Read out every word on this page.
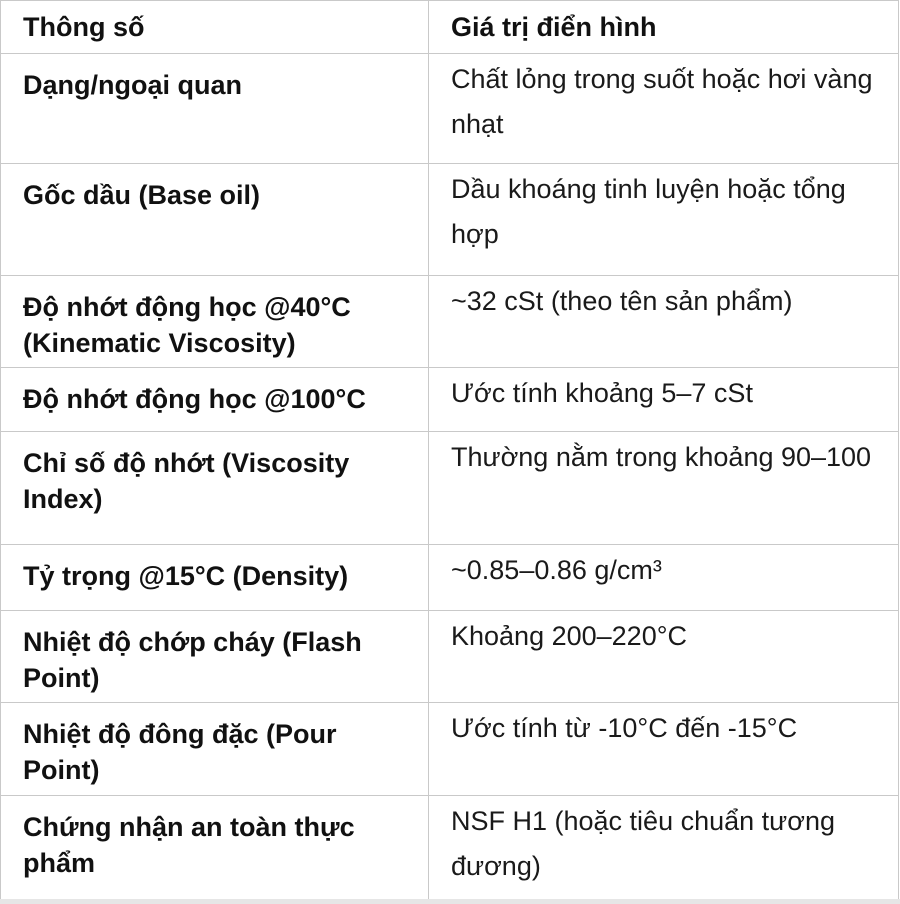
Thông số	Giá trị điển hình

Dạng/ngoại quan	Chất lỏng trong suốt hoặc hơi vàng nhạt

Gốc dầu (Base oil)	Dầu khoáng tinh luyện hoặc tổng hợp

Độ nhớt động học @40°C (Kinematic Viscosity)	~32 cSt (theo tên sản phẩm)

Độ nhớt động học @100°C	Ước tính khoảng 5–7 cSt

Chỉ số độ nhớt (Viscosity Index)	Thường nằm trong khoảng 90–100

Tỷ trọng @15°C (Density)	~0.85–0.86 g/cm³

Nhiệt độ chớp cháy (Flash Point)	Khoảng 200–220°C

Nhiệt độ đông đặc (Pour Point)	Ước tính từ -10°C đến -15°C

Chứng nhận an toàn thực phẩm	NSF H1 (hoặc tiêu chuẩn tương đương)
